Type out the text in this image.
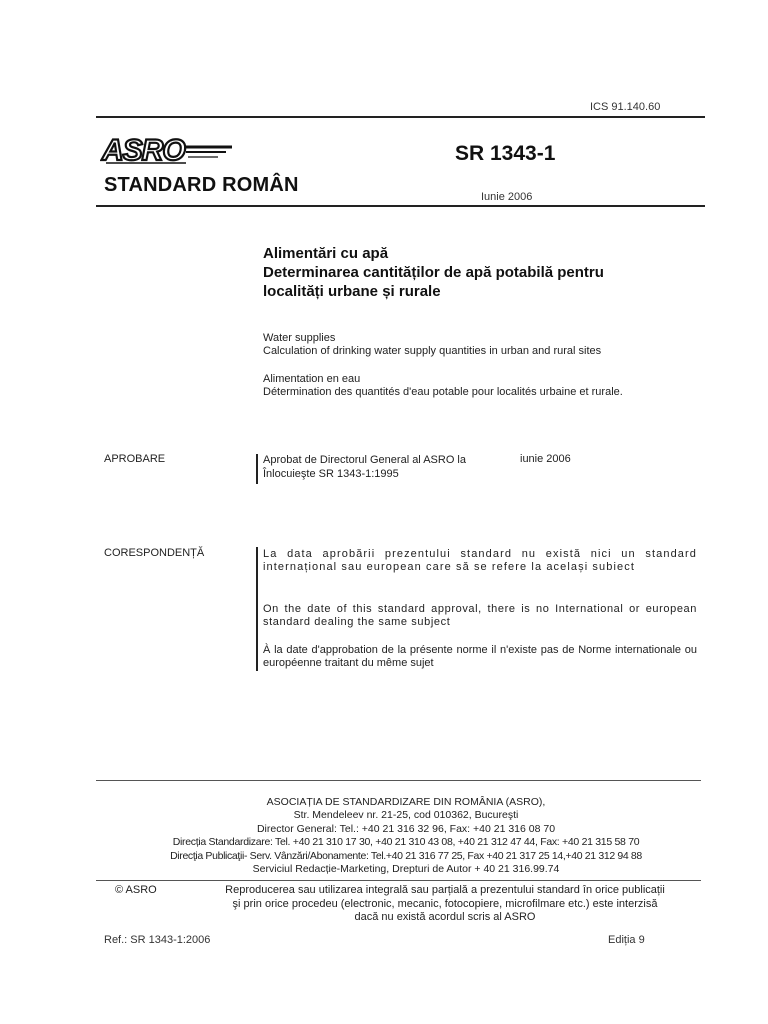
ICS 91.140.60
ASRO	SR 1343-1
STANDARD ROMÂN
Iunie 2006
Alimentări cu apă
Determinarea cantităților de apă potabilă pentru
localități urbane și rurale
Water supplies
Calculation of drinking water supply quantities in urban and rural sites
Alimentation en eau
Détermination des quantités d'eau potable pour localités urbaine et rurale.
APROBARE	Aprobat de Directorul General al ASRO la
Înlocuieşte SR 1343-1:1995
iunie 2006
CORESPONDENȚĂ	La data aprobării prezentului standard nu există nici un standard internațional sau european care să se refere la același subiect
On the date of this standard approval, there is no International or european standard dealing the same subject
À la date d'approbation de la présente norme il n'existe pas de Norme internationale ou européenne traitant du même sujet
ASOCIAȚIA DE STANDARDIZARE DIN ROMÂNIA (ASRO),
Str. Mendeleev nr. 21-25, cod 010362, Bucureşti
Director General: Tel.: +40 21 316 32 96, Fax: +40 21 316 08 70
Direcția Standardizare: Tel. +40 21 310 17 30, +40 21 310 43 08, +40 21 312 47 44, Fax: +40 21 315 58 70
Direcţia Publicaţii- Serv. Vânzări/Abonamente: Tel.+40 21 316 77 25, Fax +40 21 317 25 14,+40 21 312 94 88
Serviciul Redacție-Marketing, Drepturi de Autor + 40 21 316.99.74
© ASRO	Reproducerea sau utilizarea integrală sau parțială a prezentului standard în orice publicații
şi prin orice procedeu (electronic, mecanic, fotocopiere, microfilmare etc.) este interzisă
dacă nu există acordul scris al ASRO
Ref.: SR 1343-1:2006	Ediția 9
